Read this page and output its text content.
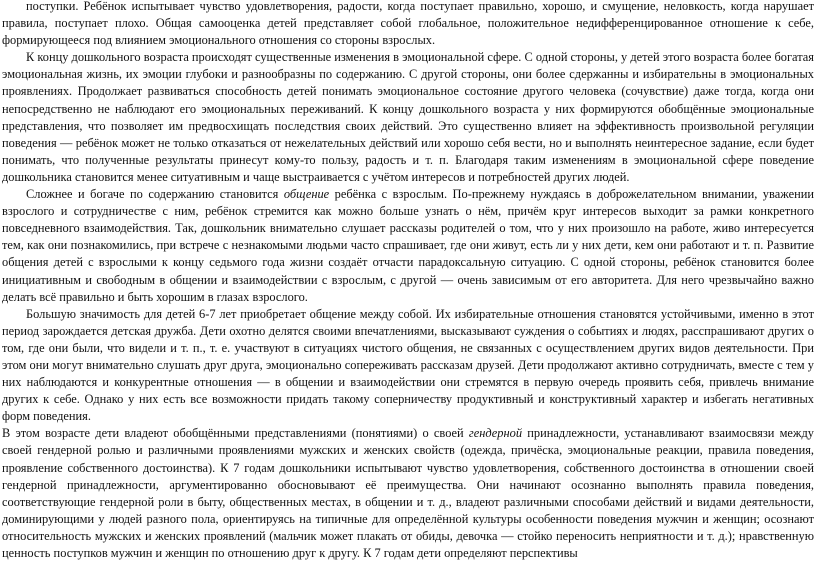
поступки. Ребёнок испытывает чувство удовлетворения, радости, когда поступает правильно, хорошо, и смущение, неловкость, когда нарушает правила, поступает плохо. Общая самооценка детей представляет собой глобальное, положительное недифференцированное отношение к себе, формирующееся под влиянием эмоционального отношения со стороны взрослых.

К концу дошкольного возраста происходят существенные изменения в эмоциональной сфере. С одной стороны, у детей этого возраста более богатая эмоциональная жизнь, их эмоции глубоки и разнообразны по содержанию. С другой стороны, они более сдержанны и избирательны в эмоциональных проявлениях. Продолжает развиваться способность детей понимать эмоциональное состояние другого человека (сочувствие) даже тогда, когда они непосредственно не наблюдают его эмоциональных переживаний. К концу дошкольного возраста у них формируются обобщённые эмоциональные представления, что позволяет им предвосхищать последствия своих действий. Это существенно влияет на эффективность произвольной регуляции поведения — ребёнок может не только отказаться от нежелательных действий или хорошо себя вести, но и выполнять неинтересное задание, если будет понимать, что полученные результаты принесут кому-то пользу, радость и т. п. Благодаря таким изменениям в эмоциональной сфере поведение дошкольника становится менее ситуативным и чаще выстраивается с учётом интересов и потребностей других людей.

Сложнее и богаче по содержанию становится общение ребёнка с взрослым. По-прежнему нуждаясь в доброжелательном внимании, уважении взрослого и сотрудничестве с ним, ребёнок стремится как можно больше узнать о нём, причём круг интересов выходит за рамки конкретного повседневного взаимодействия. Так, дошкольник внимательно слушает рассказы родителей о том, что у них произошло на работе, живо интересуется тем, как они познакомились, при встрече с незнакомыми людьми часто спрашивает, где они живут, есть ли у них дети, кем они работают и т. п. Развитие общения детей с взрослыми к концу седьмого года жизни создаёт отчасти парадоксальную ситуацию. С одной стороны, ребёнок становится более инициативным и свободным в общении и взаимодействии с взрослым, с другой — очень зависимым от его авторитета. Для него чрезвычайно важно делать всё правильно и быть хорошим в глазах взрослого.

Большую значимость для детей 6-7 лет приобретает общение между собой. Их избирательные отношения становятся устойчивыми, именно в этот период зарождается детская дружба. Дети охотно делятся своими впечатлениями, высказывают суждения о событиях и людях, расспрашивают других о том, где они были, что видели и т. п., т. е. участвуют в ситуациях чистого общения, не связанных с осуществлением других видов деятельности. При этом они могут внимательно слушать друг друга, эмоционально сопереживать рассказам друзей. Дети продолжают активно сотрудничать, вместе с тем у них наблюдаются и конкурентные отношения — в общении и взаимодействии они стремятся в первую очередь проявить себя, привлечь внимание других к себе. Однако у них есть все возможности придать такому соперничеству продуктивный и конструктивный характер и избегать негативных форм поведения.

В этом возрасте дети владеют обобщёнными представлениями (понятиями) о своей гендерной принадлежности, устанавливают взаимосвязи между своей гендерной ролью и различными проявлениями мужских и женских свойств (одежда, причёска, эмоциональные реакции, правила поведения, проявление собственного достоинства). К 7 годам дошкольники испытывают чувство удовлетворения, собственного достоинства в отношении своей гендерной принадлежности, аргументированно обосновывают её преимущества. Они начинают осознанно выполнять правила поведения, соответствующие гендерной роли в быту, общественных местах, в общении и т. д., владеют различными способами действий и видами деятельности, доминирующими у людей разного пола, ориентируясь на типичные для определённой культуры особенности поведения мужчин и женщин; осознают относительность мужских и женских проявлений (мальчик может плакать от обиды, девочка — стойко переносить неприятности и т. д.); нравственную ценность поступков мужчин и женщин по отношению друг к другу. К 7 годам дети определяют перспективы
